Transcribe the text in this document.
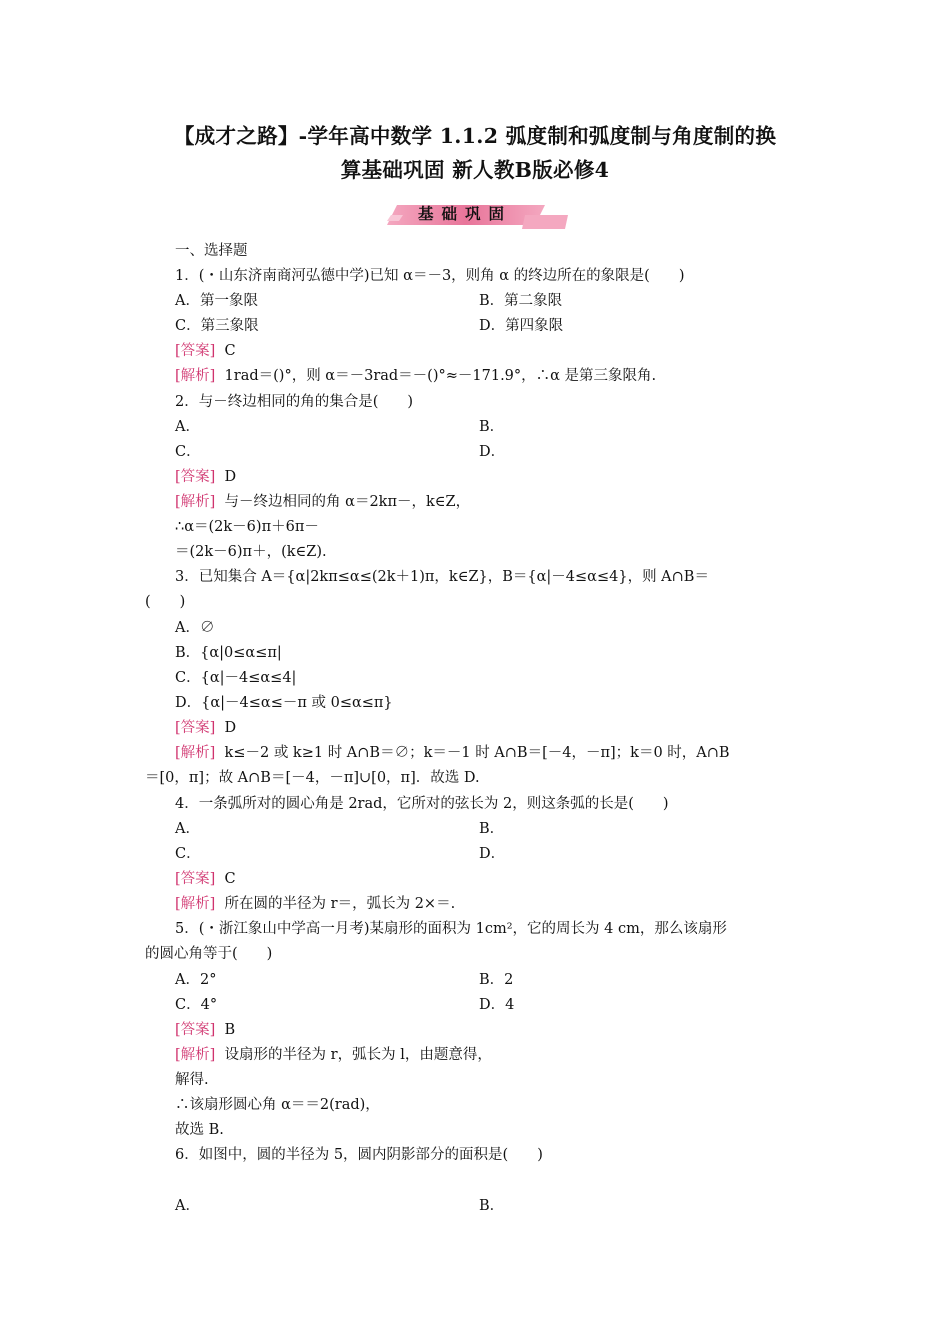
【成才之路】-学年高中数学 1.1.2 弧度制和弧度制与角度制的换
算基础巩固 新人教B版必修4
基础巩固
一、选择题
1．(・山东济南商河弘德中学)已知 α＝－3，则角 α 的终边所在的象限是(　　)
A．第一象限	B．第二象限
C．第三象限	D．第四象限
[答案] C
[解析] 1rad＝()°，则 α＝－3rad＝－()°≈－171.9°，∴α 是第三象限角.
2．与－终边相同的角的集合是(　　)
A．	B．
C．	D．
[答案] D
[解析] 与－终边相同的角 α＝2kπ－，k∈Z，
∴α＝(2k－6)π＋6π－
＝(2k－6)π＋，(k∈Z).
3．已知集合 A＝{α|2kπ≤α≤(2k＋1)π，k∈Z}，B＝{α|－4≤α≤4}，则 A∩B＝
(　　)
A．∅
B．{α|0≤α≤π|
C．{α|－4≤α≤4|
D．{α|－4≤α≤－π 或 0≤α≤π}
[答案] D
[解析] k≤－2 或 k≥1 时 A∩B＝∅；k＝－1 时 A∩B＝[－4，－π]；k＝0 时，A∩B
＝[0，π]；故 A∩B＝[－4，－π]∪[0，π]．故选 D.
4．一条弧所对的圆心角是 2rad，它所对的弦长为 2，则这条弧的长是(　　)
A．	B．
C．	D．
[答案] C
[解析] 所在圆的半径为 r＝，弧长为 2×＝.
5．(・浙江象山中学高一月考)某扇形的面积为 1cm²，它的周长为 4 cm，那么该扇形
的圆心角等于(　　)
A．2°	B．2
C．4°	D．4
[答案] B
[解析] 设扇形的半径为 r，弧长为 l，由题意得，
解得.
∴该扇形圆心角 α＝＝2(rad)，
故选 B.
6．如图中，圆的半径为 5，圆内阴影部分的面积是(　　)
A．	B．
